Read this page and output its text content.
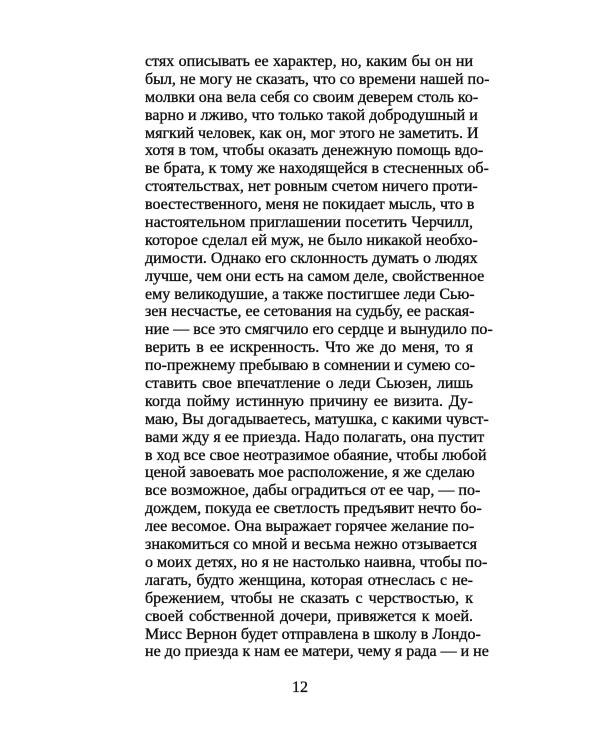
стях описывать ее характер, но, каким бы он ни
был, не могу не сказать, что со времени нашей по-
молвки она вела себя со своим деверем столь ко-
варно и лживо, что только такой добродушный и
мягкий человек, как он, мог этого не заметить. И
хотя в том, чтобы оказать денежную помощь вдо-
ве брата, к тому же находящейся в стесненных об-
стоятельствах, нет ровным счетом ничего проти-
воестественного, меня не покидает мысль, что в
настоятельном приглашении посетить Черчилл,
которое сделал ей муж, не было никакой необхо-
димости. Однако его склонность думать о людях
лучше, чем они есть на самом деле, свойственное
ему великодушие, а также постигшее леди Сью-
зен несчастье, ее сетования на судьбу, ее раская-
ние — все это смягчило его сердце и вынудило по-
верить в ее искренность. Что же до меня, то я
по-прежнему пребываю в сомнении и сумею со-
ставить свое впечатление о леди Сьюзен, лишь
когда пойму истинную причину ее визита. Ду-
маю, Вы догадываетесь, матушка, с какими чувст-
вами жду я ее приезда. Надо полагать, она пустит
в ход все свое неотразимое обаяние, чтобы любой
ценой завоевать мое расположение, я же сделаю
все возможное, дабы оградиться от ее чар, — по-
дождем, покуда ее светлость предъявит нечто бо-
лее весомое. Она выражает горячее желание по-
знакомиться со мной и весьма нежно отзывается
о моих детях, но я не настолько наивна, чтобы по-
лагать, будто женщина, которая отнеслась с не-
брежением, чтобы не сказать с черствостью, к
своей собственной дочери, привяжется к моей.
Мисс Вернон будет отправлена в школу в Лондо-
не до приезда к нам ее матери, чему я рада — и не
12
